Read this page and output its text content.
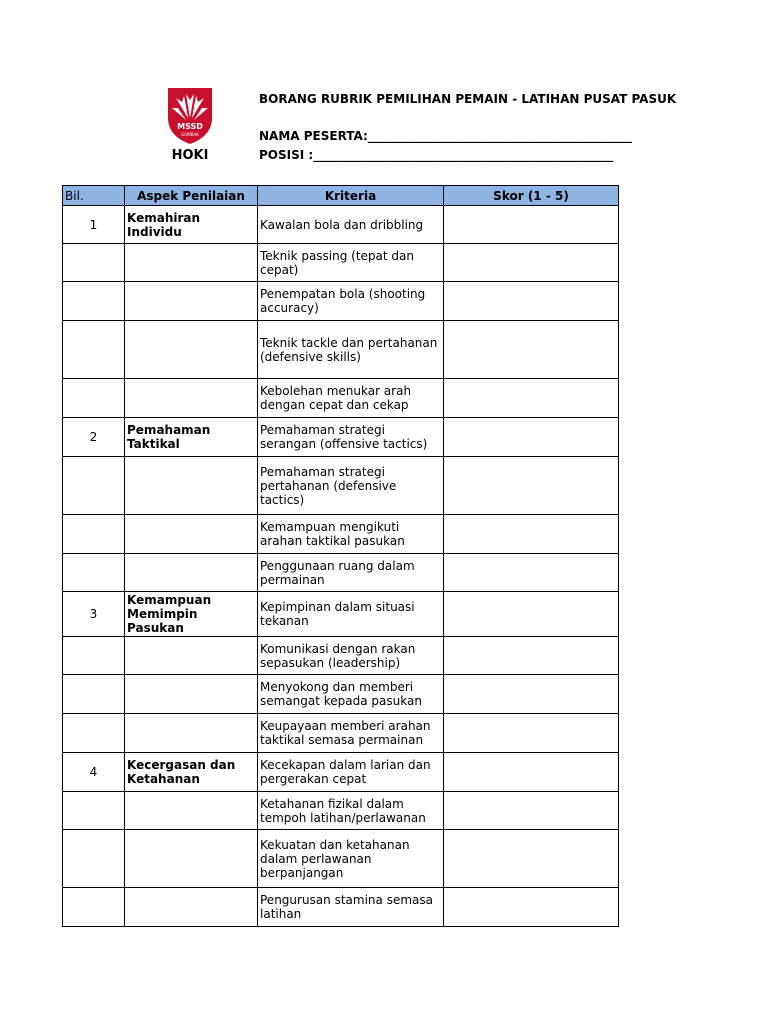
MSSD
GOMBAK
HOKI
BORANG RUBRIK PEMILIHAN PEMAIN - LATIHAN PUSAT PASUK
NAMA PESERTA:____________________________________________
POSISI :__________________________________________________
Bil.	Aspek Penilaian	Kriteria	Skor (1 - 5)
1	Kemahiran Individu	Kawalan bola dan dribbling	
		Teknik passing (tepat dan cepat)	
		Penempatan bola (shooting accuracy)	
		Teknik tackle dan pertahanan (defensive skills)	
		Kebolehan menukar arah dengan cepat dan cekap	
2	Pemahaman Taktikal	Pemahaman strategi serangan (offensive tactics)	
		Pemahaman strategi pertahanan (defensive tactics)	
		Kemampuan mengikuti arahan taktikal pasukan	
		Penggunaan ruang dalam permainan	
3	Kemampuan Memimpin Pasukan	Kepimpinan dalam situasi tekanan	
		Komunikasi dengan rakan sepasukan (leadership)	
		Menyokong dan memberi semangat kepada pasukan	
		Keupayaan memberi arahan taktikal semasa permainan	
4	Kecergasan dan Ketahanan	Kecekapan dalam larian dan pergerakan cepat	
		Ketahanan fizikal dalam tempoh latihan/perlawanan	
		Kekuatan dan ketahanan dalam perlawanan berpanjangan	
		Pengurusan stamina semasa latihan	
